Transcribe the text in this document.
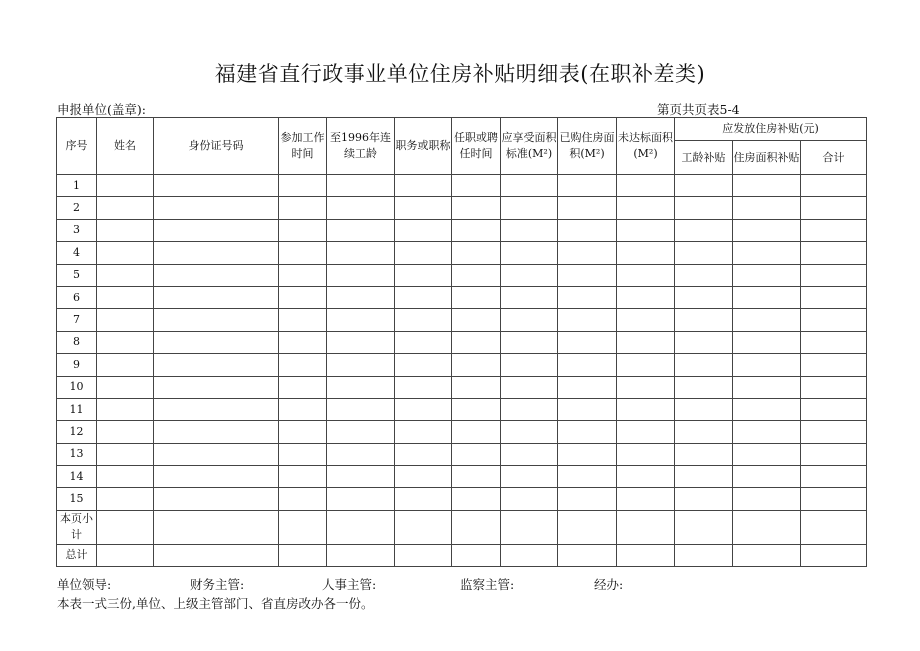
福建省直行政事业单位住房补贴明细表(在职补差类)
申报单位(盖章):	第页共页表5-4
序号	姓名	身份证号码	参加工作时间	至1996年连续工龄	职务或职称	任职或聘任时间	应享受面积标准(M²)	已购住房面积(M²)	未达标面积(M²)	应发放住房补贴(元)		
										工龄补贴	住房面积补贴	合计
1												
2												
3												
4												
5												
6												
7												
8												
9												
10												
11												
12												
13												
14												
15												
本页小计												
总计												
单位领导:	财务主管:	人事主管:	监察主管:	经办:
本表一式三份,单位、上级主管部门、省直房改办各一份。
